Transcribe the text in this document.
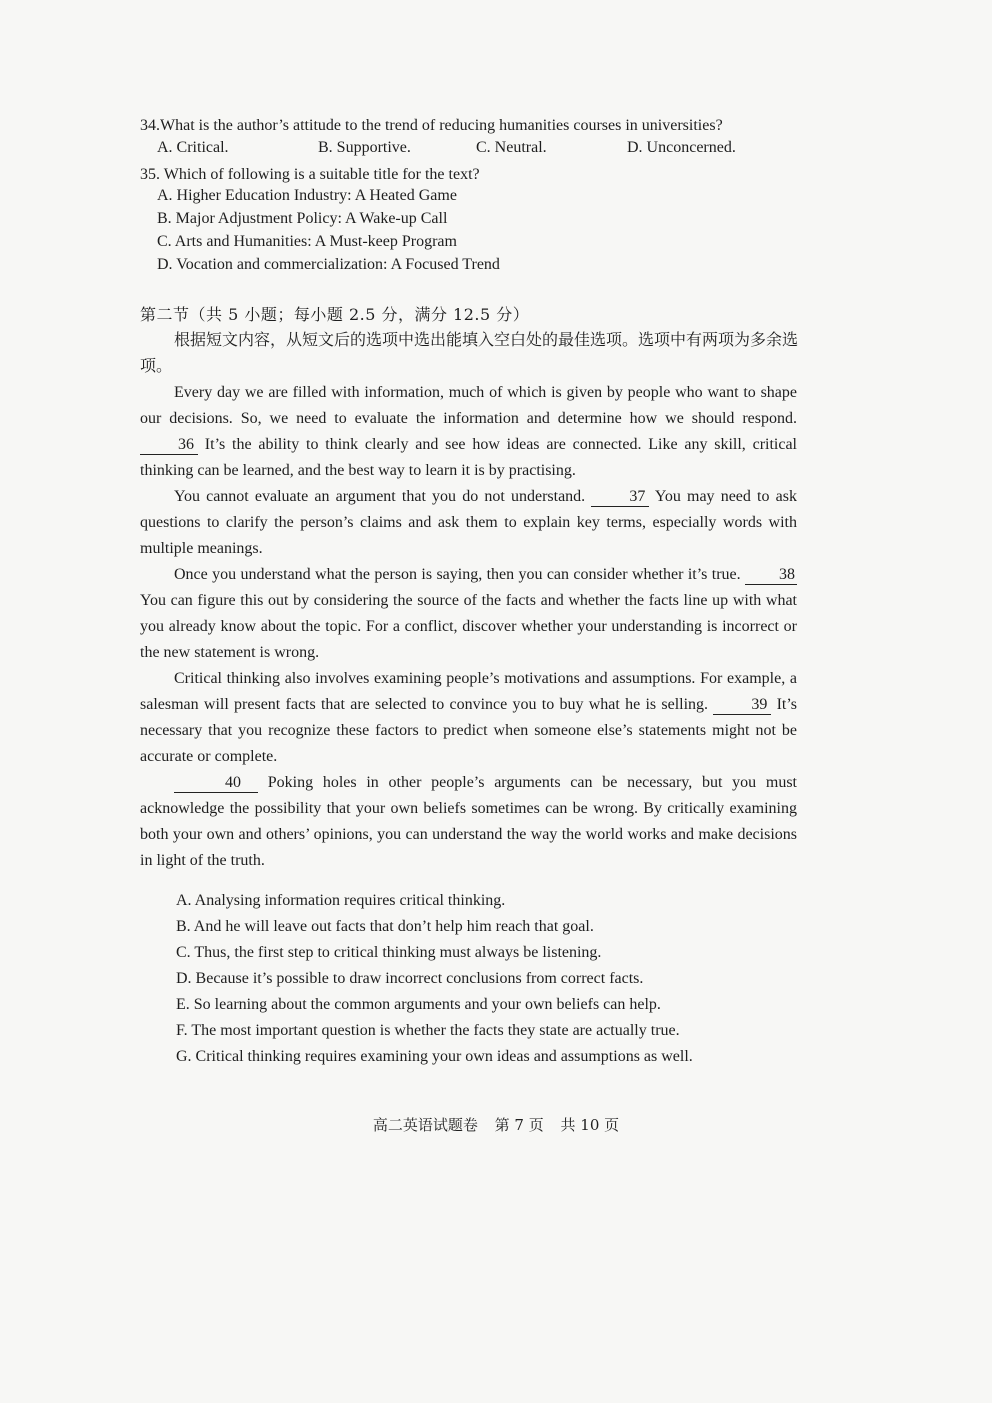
34.What is the author’s attitude to the trend of reducing humanities courses in universities?
A. Critical.	B. Supportive.	C. Neutral.	D. Unconcerned.
35. Which of following is a suitable title for the text?
A. Higher Education Industry: A Heated Game
B. Major Adjustment Policy: A Wake-up Call
C. Arts and Humanities: A Must-keep Program
D. Vocation and commercialization: A Focused Trend
第二节（共 5 小题；每小题 2.5 分，满分 12.5 分）
根据短文内容，从短文后的选项中选出能填入空白处的最佳选项。选项中有两项为多余选项。

Every day we are filled with information, much of which is given by people who want to shape our decisions. So, we need to evaluate the information and determine how we should respond. 36 It’s the ability to think clearly and see how ideas are connected. Like any skill, critical thinking can be learned, and the best way to learn it is by practising.

You cannot evaluate an argument that you do not understand.	37 You may need to ask questions to clarify the person’s claims and ask them to explain key terms, especially words with multiple meanings.

Once you understand what the person is saying, then you can consider whether it’s true. 38 You can figure this out by considering the source of the facts and whether the facts line up with what you already know about the topic. For a conflict, discover whether your understanding is incorrect or the new statement is wrong.

Critical thinking also involves examining people’s motivations and assumptions. For example, a salesman will present facts that are selected to convince you to buy what he is selling.	39 It’s necessary that you recognize these factors to predict when someone else’s statements might not be accurate or complete.

40 Poking holes in other people’s arguments can be necessary, but you must acknowledge the possibility that your own beliefs sometimes can be wrong. By critically examining both your own and others’ opinions, you can understand the way the world works and make decisions in light of the truth.

A. Analysing information requires critical thinking.
B. And he will leave out facts that don’t help him reach that goal.
C. Thus, the first step to critical thinking must always be listening.
D. Because it’s possible to draw incorrect conclusions from correct facts.
E. So learning about the common arguments and your own beliefs can help.
F. The most important question is whether the facts they state are actually true.
G. Critical thinking requires examining your own ideas and assumptions as well.
高二英语试题卷 第 7 页 共 10 页
